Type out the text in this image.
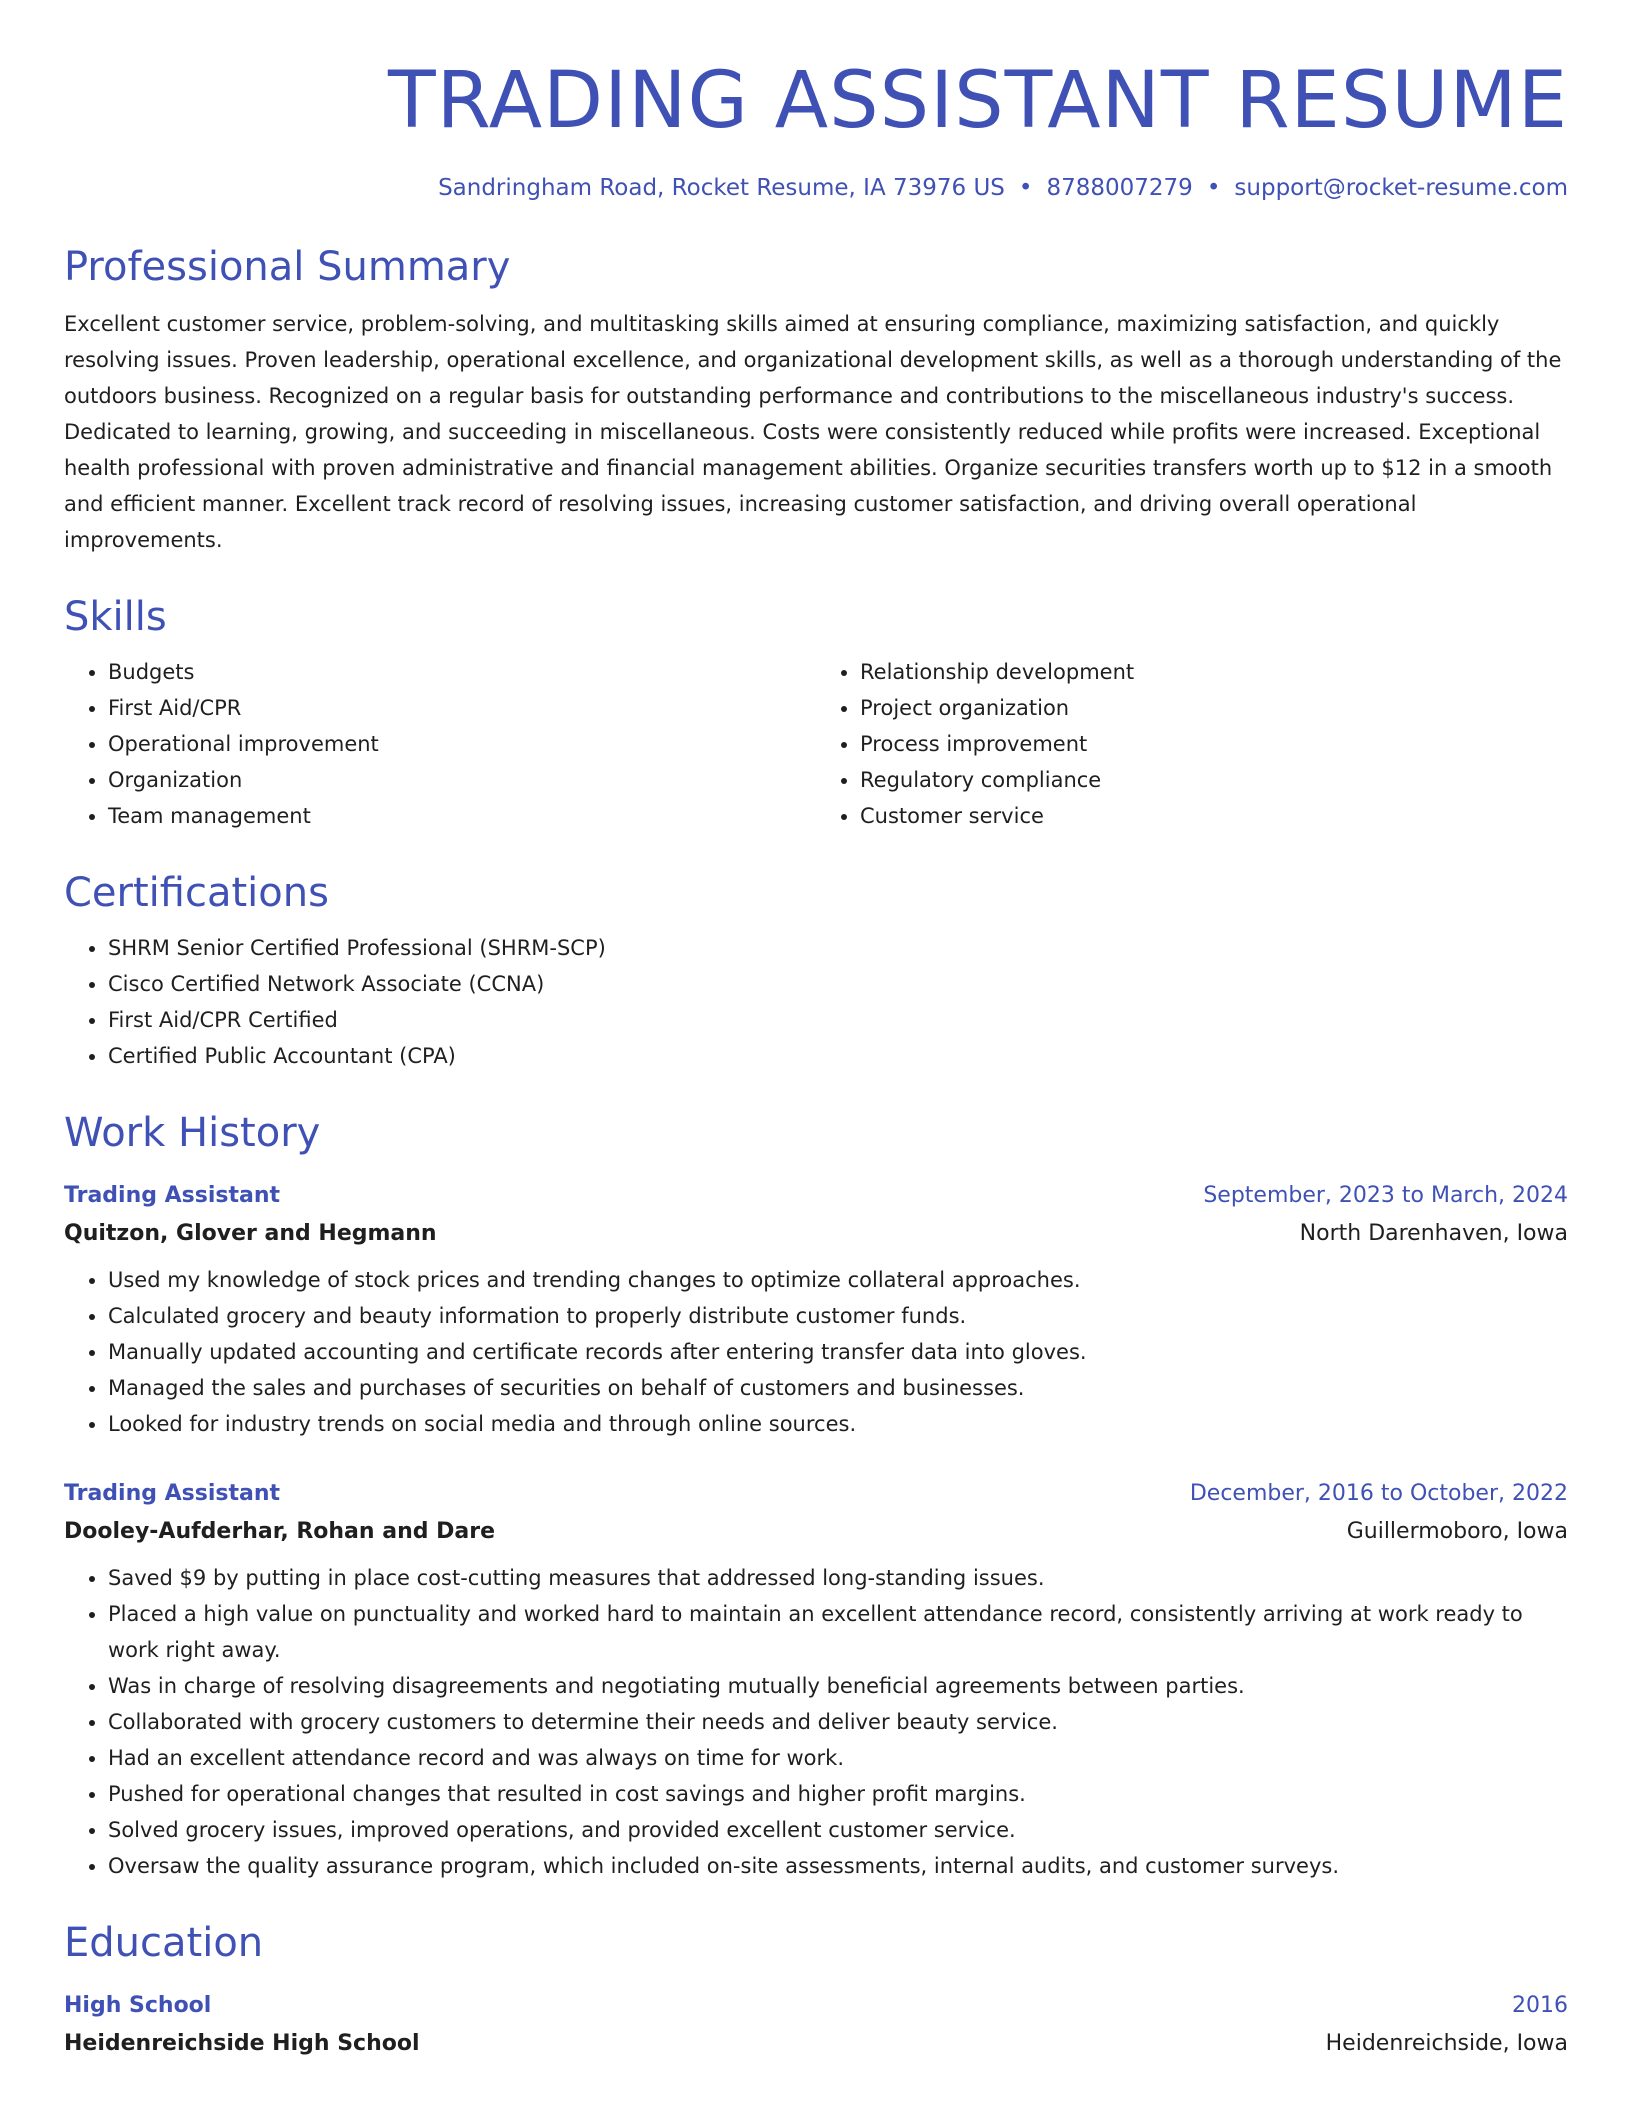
TRADING ASSISTANT RESUME
Sandringham Road, Rocket Resume, IA 73976 US • 8788007279 • support@rocket-resume.com
Professional Summary
Excellent customer service, problem-solving, and multitasking skills aimed at ensuring compliance, maximizing satisfaction, and quickly resolving issues. Proven leadership, operational excellence, and organizational development skills, as well as a thorough understanding of the outdoors business. Recognized on a regular basis for outstanding performance and contributions to the miscellaneous industry's success. Dedicated to learning, growing, and succeeding in miscellaneous. Costs were consistently reduced while profits were increased. Exceptional health professional with proven administrative and financial management abilities. Organize securities transfers worth up to $12 in a smooth and efficient manner. Excellent track record of resolving issues, increasing customer satisfaction, and driving overall operational improvements.
Skills
• Budgets
• First Aid/CPR
• Operational improvement
• Organization
• Team management
• Relationship development
• Project organization
• Process improvement
• Regulatory compliance
• Customer service
Certifications
• SHRM Senior Certified Professional (SHRM-SCP)
• Cisco Certified Network Associate (CCNA)
• First Aid/CPR Certified
• Certified Public Accountant (CPA)
Work History
Trading Assistant	September, 2023 to March, 2024
Quitzon, Glover and Hegmann	North Darenhaven, Iowa
• Used my knowledge of stock prices and trending changes to optimize collateral approaches.
• Calculated grocery and beauty information to properly distribute customer funds.
• Manually updated accounting and certificate records after entering transfer data into gloves.
• Managed the sales and purchases of securities on behalf of customers and businesses.
• Looked for industry trends on social media and through online sources.
Trading Assistant	December, 2016 to October, 2022
Dooley-Aufderhar, Rohan and Dare	Guillermoboro, Iowa
• Saved $9 by putting in place cost-cutting measures that addressed long-standing issues.
• Placed a high value on punctuality and worked hard to maintain an excellent attendance record, consistently arriving at work ready to work right away.
• Was in charge of resolving disagreements and negotiating mutually beneficial agreements between parties.
• Collaborated with grocery customers to determine their needs and deliver beauty service.
• Had an excellent attendance record and was always on time for work.
• Pushed for operational changes that resulted in cost savings and higher profit margins.
• Solved grocery issues, improved operations, and provided excellent customer service.
• Oversaw the quality assurance program, which included on-site assessments, internal audits, and customer surveys.
Education
High School	2016
Heidenreichside High School	Heidenreichside, Iowa
